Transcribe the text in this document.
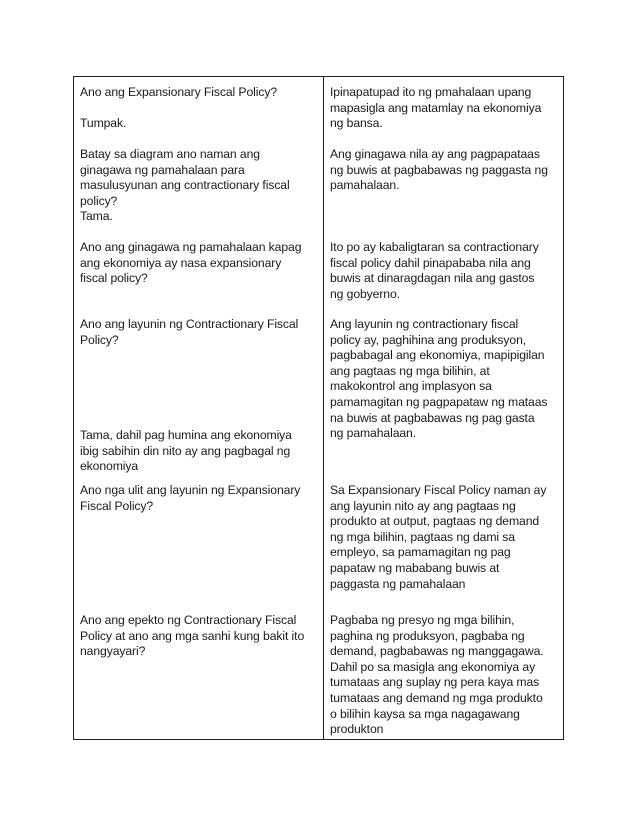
Ano ang Expansionary Fiscal Policy?
Tumpak.
Ipinapatupad ito ng pmahalaan upang
mapasigla ang matamlay na ekonomiya
ng bansa.
Batay sa diagram ano naman ang
ginagawa ng pamahalaan para
masulusyunan ang contractionary fiscal
policy?
Tama.
Ang ginagawa nila ay ang pagpapataas
ng buwis at pagbabawas ng paggasta ng
pamahalaan.
Ano ang ginagawa ng pamahalaan kapag
ang ekonomiya ay nasa expansionary
fiscal policy?
Ito po ay kabaligtaran sa contractionary
fiscal policy dahil pinapababa nila ang
buwis at dinaragdagan nila ang gastos
ng gobyerno.
Ano ang layunin ng Contractionary Fiscal
Policy?
Tama, dahil pag humina ang ekonomiya
ibig sabihin din nito ay ang pagbagal ng
ekonomiya
Ang layunin ng contractionary fiscal
policy ay, paghihina ang produksyon,
pagbabagal ang ekonomiya, mapipigilan
ang pagtaas ng mga bilihin, at
makokontrol ang implasyon sa
pamamagitan ng pagpapataw ng mataas
na buwis at pagbabawas ng pag gasta
ng pamahalaan.
Ano nga ulit ang layunin ng Expansionary
Fiscal Policy?
Sa Expansionary Fiscal Policy naman ay
ang layunin nito ay ang pagtaas ng
produkto at output, pagtaas ng demand
ng mga bilihin, pagtaas ng dami sa
empleyo, sa pamamagitan ng pag
papataw ng mababang buwis at
paggasta ng pamahalaan
Ano ang epekto ng Contractionary Fiscal
Policy at ano ang mga sanhi kung bakit ito
nangyayari?
Pagbaba ng presyo ng mga bilihin,
paghina ng produksyon, pagbaba ng
demand, pagbabawas ng manggagawa.
Dahil po sa masigla ang ekonomiya ay
tumataas ang suplay ng pera kaya mas
tumataas ang demand ng mga produkto
o bilihin kaysa sa mga nagagawang
produkton
